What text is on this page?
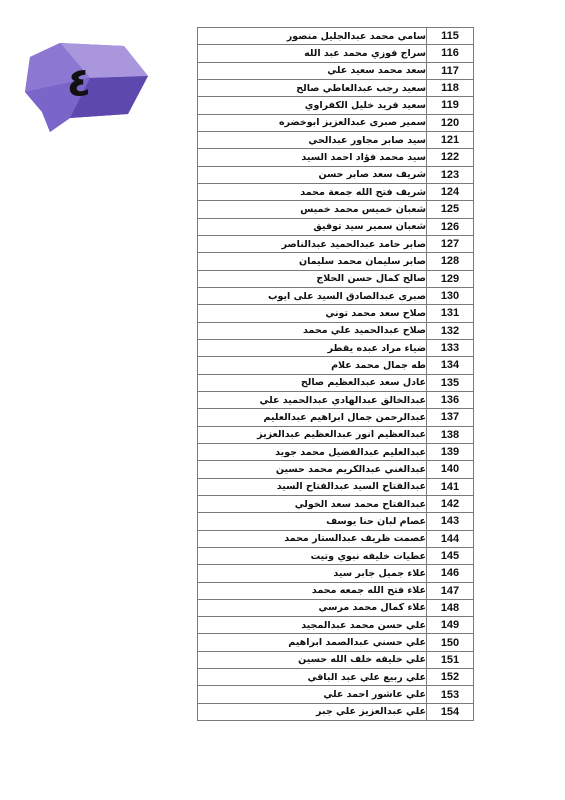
٤
سامي محمد عبدالجليل منصور	115
سراج فوزي محمد عبد الله	116
سعد محمد سعيد علي	117
سعيد رجب عبدالعاطي صالح	118
سعيد فريد خليل الكفراوي	119
سمير صبرى عبدالعزيز ابوخضره	120
سيد صابر مجاور عبدالحي	121
سيد محمد فؤاد احمد السيد	122
شريف سعد صابر حسن	123
شريف فتح الله جمعة محمد	124
شعبان خميس محمد خميس	125
شعبان سمير سيد توفيق	126
صابر حامد عبدالحميد عبدالناصر	127
صابر سليمان محمد سليمان	128
صالح كمال حسن الحلاج	129
صبرى عبدالصادق السيد على ايوب	130
صلاح سعد محمد توني	131
صلاح عبدالحميد علي محمد	132
ضياء مراد عبده يقطر	133
طه جمال محمد علام	134
عادل سعد عبدالعظيم صالح	135
عبدالخالق عبدالهادي عبدالحميد علي	136
عبدالرحمن جمال ابراهيم عبدالعليم	137
عبدالعظيم انور عبدالعظيم عبدالعزيز	138
عبدالعليم عبدالفضيل محمد جويد	139
عبدالغني عبدالكريم محمد حسين	140
عبدالفتاح السيد عبدالفتاح السيد	141
عبدالفتاح محمد سعد الخولي	142
عصام لبان حنا يوسف	143
عصمت ظريف عبدالستار محمد	144
عطيات خليفه نبوي وتيت	145
علاء جميل جابر سيد	146
علاء فتح الله جمعه محمد	147
علاء كمال محمد مرسي	148
علي حسن محمد عبدالمجيد	149
علي حسني عبدالصمد ابراهيم	150
علي خليفه خلف الله حسين	151
علي ربيع علي عبد الباقي	152
علي عاشور احمد علي	153
علي عبدالعزيز علي جبر	154
